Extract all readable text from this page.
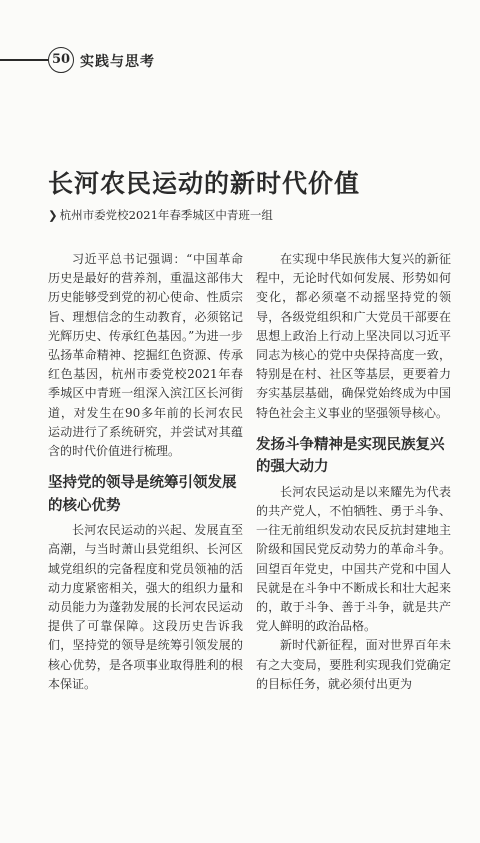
50 实践与思考
长河农民运动的新时代价值
❯ 杭州市委党校2021年春季城区中青班一组

习近平总书记强调：“中国革命历史是最好的营养剂，重温这部伟大历史能够受到党的初心使命、性质宗旨、理想信念的生动教育，必须铭记光辉历史、传承红色基因。”为进一步弘扬革命精神、挖掘红色资源、传承红色基因，杭州市委党校2021年春季城区中青班一组深入滨江区长河街道，对发生在90多年前的长河农民运动进行了系统研究，并尝试对其蕴含的时代价值进行梳理。

坚持党的领导是统筹引领发展的核心优势

长河农民运动的兴起、发展直至高潮，与当时萧山县党组织、长河区域党组织的完备程度和党员领袖的活动力度紧密相关，强大的组织力量和动员能力为蓬勃发展的长河农民运动提供了可靠保障。这段历史告诉我们，坚持党的领导是统筹引领发展的核心优势，是各项事业取得胜利的根本保证。

在实现中华民族伟大复兴的新征程中，无论时代如何发展、形势如何变化，都必须毫不动摇坚持党的领导，各级党组织和广大党员干部要在思想上政治上行动上坚决同以习近平同志为核心的党中央保持高度一致，特别是在村、社区等基层，更要着力夯实基层基础，确保党始终成为中国特色社会主义事业的坚强领导核心。

发扬斗争精神是实现民族复兴的强大动力

长河农民运动是以来耀先为代表的共产党人，不怕牺牲、勇于斗争、一往无前组织发动农民反抗封建地主阶级和国民党反动势力的革命斗争。回望百年党史，中国共产党和中国人民就是在斗争中不断成长和壮大起来的，敢于斗争、善于斗争，就是共产党人鲜明的政治品格。

新时代新征程，面对世界百年未有之大变局，要胜利实现我们党确定的目标任务，就必须付出更为
